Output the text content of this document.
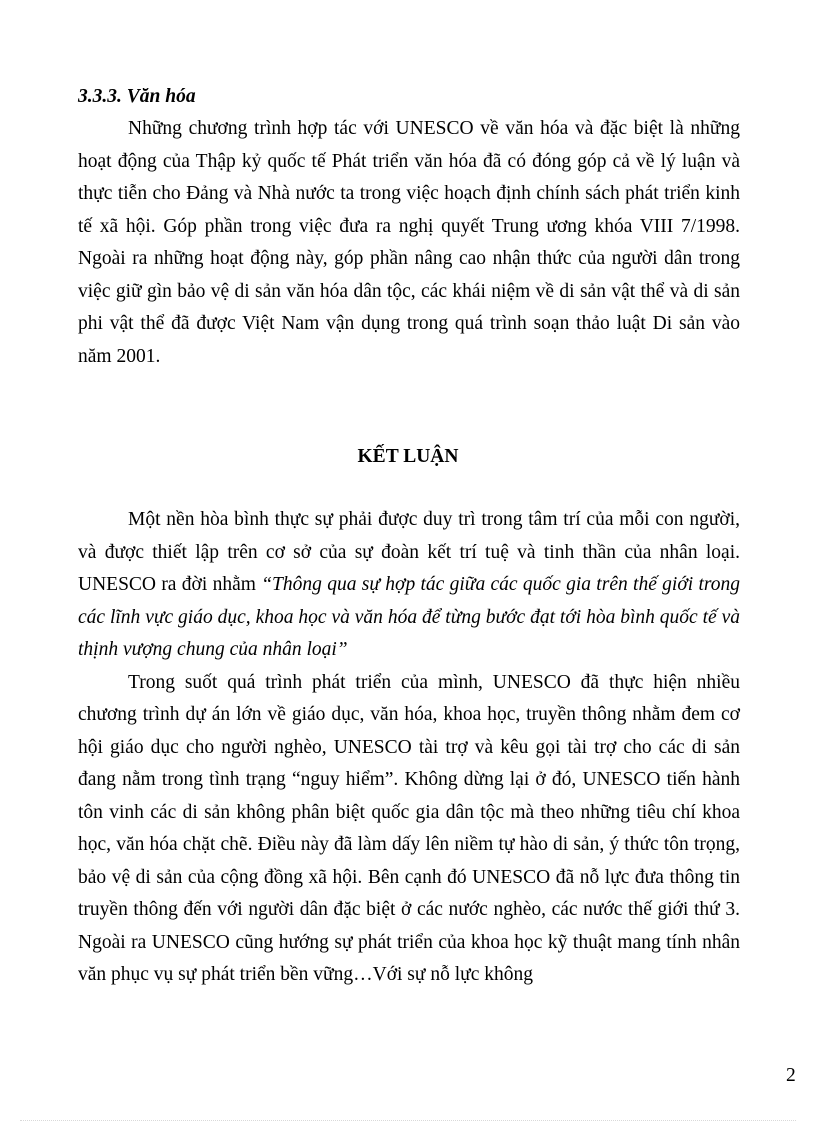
3.3.3. Văn hóa

Những chương trình hợp tác với UNESCO về văn hóa và đặc biệt là những hoạt động của Thập kỷ quốc tế Phát triển văn hóa đã có đóng góp cả về lý luận và thực tiễn cho Đảng và Nhà nước ta trong việc hoạch định chính sách phát triển kinh tế xã hội. Góp phần trong việc đưa ra nghị quyết Trung ương khóa VIII 7/1998. Ngoài ra những hoạt động này, góp phần nâng cao nhận thức của người dân trong việc giữ gìn bảo vệ di sản văn hóa dân tộc, các khái niệm về di sản vật thể và di sản phi vật thể đã được Việt Nam vận dụng trong quá trình soạn thảo luật Di sản vào năm 2001.

KẾT LUẬN

Một nền hòa bình thực sự phải được duy trì trong tâm trí của mỗi con người, và được thiết lập trên cơ sở của sự đoàn kết trí tuệ và tinh thần của nhân loại. UNESCO ra đời nhằm “Thông qua sự hợp tác giữa các quốc gia trên thế giới trong các lĩnh vực giáo dục, khoa học và văn hóa để từng bước đạt tới hòa bình quốc tế và thịnh vượng chung của nhân loại”

Trong suốt quá trình phát triển của mình, UNESCO đã thực hiện nhiều chương trình dự án lớn về giáo dục, văn hóa, khoa học, truyền thông nhằm đem cơ hội giáo dục cho người nghèo, UNESCO tài trợ và kêu gọi tài trợ cho các di sản đang nằm trong tình trạng “nguy hiểm”. Không dừng lại ở đó, UNESCO tiến hành tôn vinh các di sản không phân biệt quốc gia dân tộc mà theo những tiêu chí khoa học, văn hóa chặt chẽ. Điều này đã làm dấy lên niềm tự hào di sản, ý thức tôn trọng, bảo vệ di sản của cộng đồng xã hội. Bên cạnh đó UNESCO đã nỗ lực đưa thông tin truyền thông đến với người dân đặc biệt ở các nước nghèo, các nước thế giới thứ 3. Ngoài ra UNESCO cũng hướng sự phát triển của khoa học kỹ thuật mang tính nhân văn phục vụ sự phát triển bền vững…Với sự nỗ lực không

2
